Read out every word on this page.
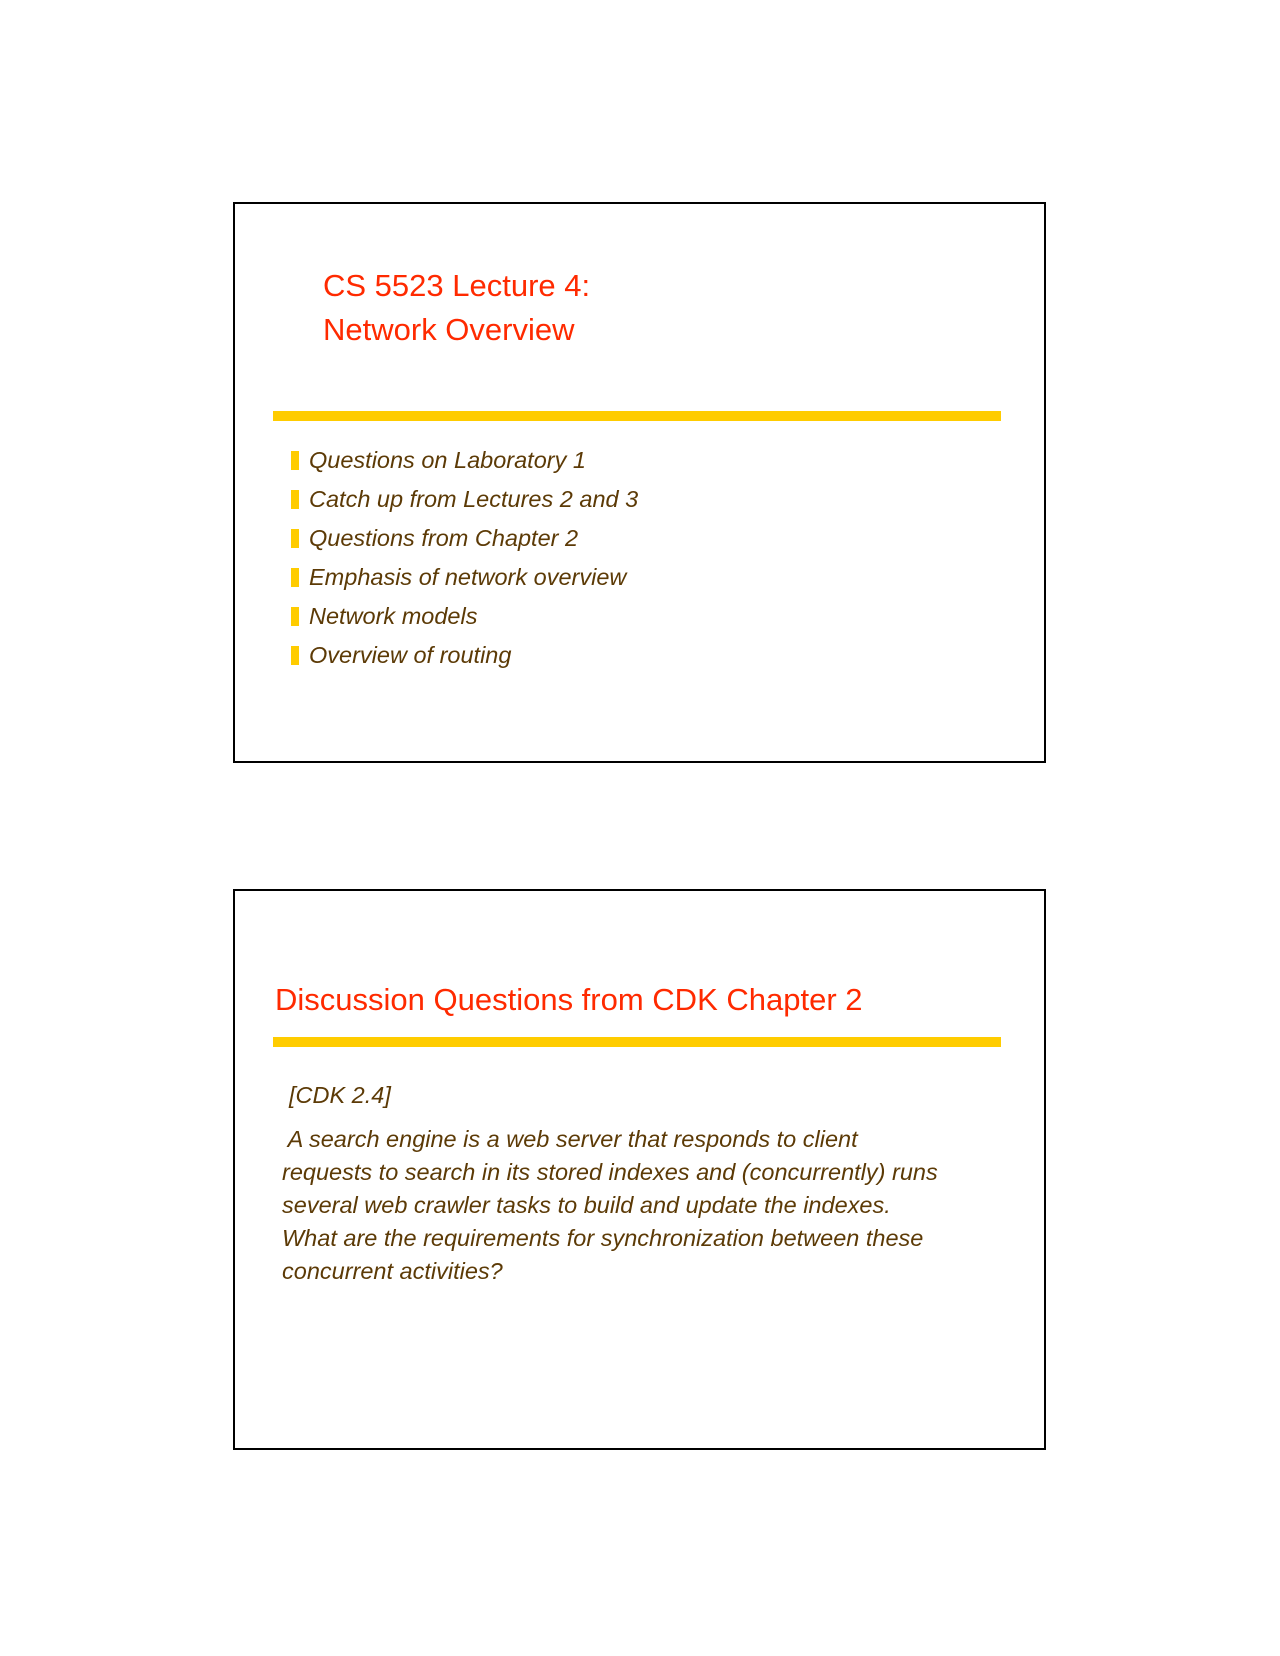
CS 5523 Lecture 4:
Network Overview
Questions on Laboratory 1
Catch up from Lectures 2 and 3
Questions from Chapter 2
Emphasis of network overview
Network models
Overview of routing
Discussion Questions from CDK Chapter 2
[CDK 2.4]

A search engine is a web server that responds to client
requests to search in its stored indexes and (concurrently) runs
several web crawler tasks to build and update the indexes.
What are the requirements for synchronization between these
concurrent activities?
